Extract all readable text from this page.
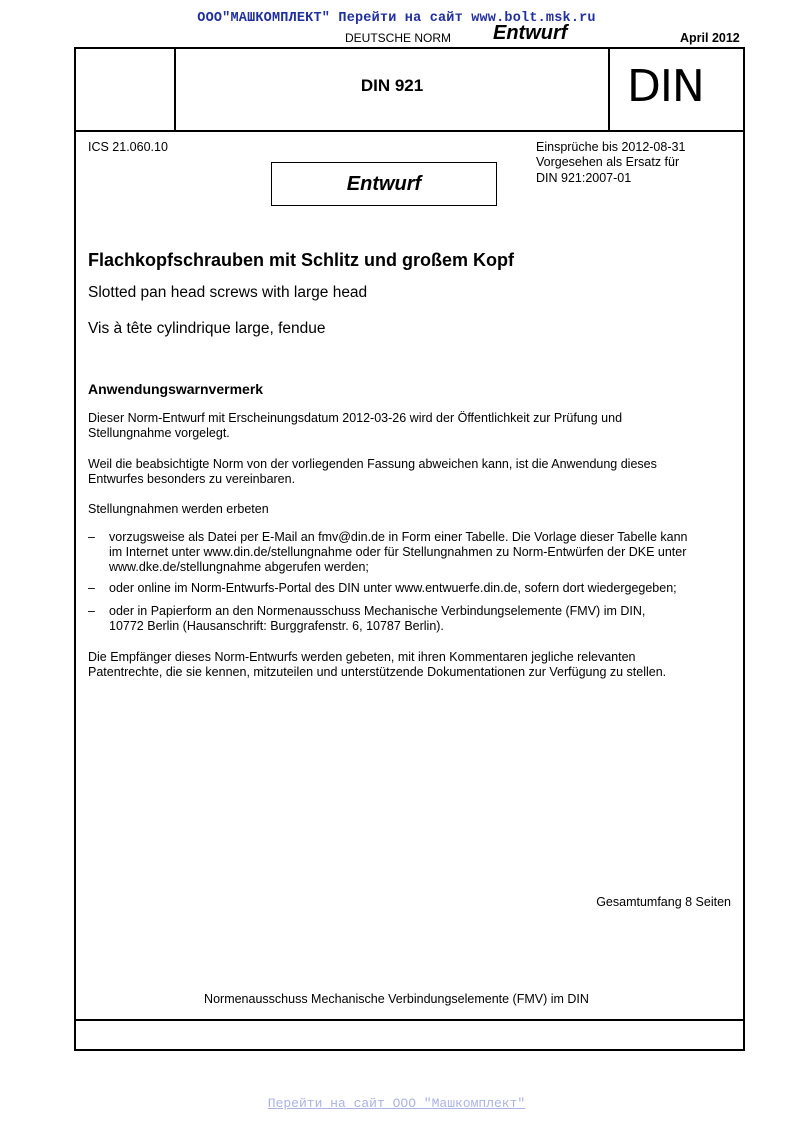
ООО"МАШКОМПЛЕКТ" Перейти на сайт www.bolt.msk.ru
DEUTSCHE NORM Entwurf	April 2012
DIN 921	DIN
ICS 21.060.10	Einsprüche bis 2012-08-31
Vorgesehen als Ersatz für
DIN 921:2007-01
Entwurf
Flachkopfschrauben mit Schlitz und großem Kopf
Slotted pan head screws with large head
Vis à tête cylindrique large, fendue
Anwendungswarnvermerk
Dieser Norm-Entwurf mit Erscheinungsdatum 2012-03-26 wird der Öffentlichkeit zur Prüfung und
Stellungnahme vorgelegt.
Weil die beabsichtigte Norm von der vorliegenden Fassung abweichen kann, ist die Anwendung dieses
Entwurfes besonders zu vereinbaren.
Stellungnahmen werden erbeten
– vorzugsweise als Datei per E-Mail an fmv@din.de in Form einer Tabelle. Die Vorlage dieser Tabelle kann
im Internet unter www.din.de/stellungnahme oder für Stellungnahmen zu Norm-Entwürfen der DKE unter
www.dke.de/stellungnahme abgerufen werden;
– oder online im Norm-Entwurfs-Portal des DIN unter www.entwuerfe.din.de, sofern dort wiedergegeben;
– oder in Papierform an den Normenausschuss Mechanische Verbindungselemente (FMV) im DIN,
10772 Berlin (Hausanschrift: Burggrafenstr. 6, 10787 Berlin).
Die Empfänger dieses Norm-Entwurfs werden gebeten, mit ihren Kommentaren jegliche relevanten
Patentrechte, die sie kennen, mitzuteilen und unterstützende Dokumentationen zur Verfügung zu stellen.
Gesamtumfang 8 Seiten
Normenausschuss Mechanische Verbindungselemente (FMV) im DIN
Перейти на сайт ООО "Машкомплект"
